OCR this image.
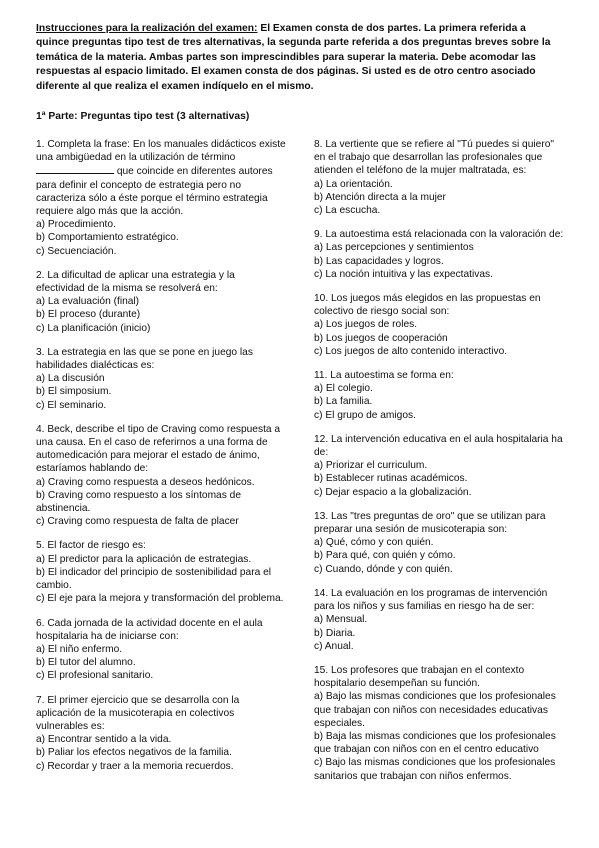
Instrucciones para la realización del examen: El Examen consta de dos partes. La primera referida a quince preguntas tipo test de tres alternativas, la segunda parte referida a dos preguntas breves sobre la temática de la materia. Ambas partes son imprescindibles para superar la materia. Debe acomodar las respuestas al espacio limitado. El examen consta de dos páginas. Si usted es de otro centro asociado diferente al que realiza el examen indíquelo en el mismo.
1ª Parte: Preguntas tipo test (3 alternativas)

1. Completa la frase: En los manuales didácticos existe una ambigüedad en la utilización de término
que coincide en diferentes autores para definir el concepto de estrategia pero no caracteriza sólo a éste porque el término estrategia requiere algo más que la acción.

a) Procedimiento.

b) Comportamiento estratégico.

c) Secuenciación.

2. La dificultad de aplicar una estrategia y la efectividad de la misma se resolverá en:

a) La evaluación (final)

b) El proceso (durante)

c) La planificación (inicio)

3. La estrategia en las que se pone en juego las habilidades dialécticas es:

a) La discusión

b) El simposium.

c) El seminario.

4. Beck, describe el tipo de Craving como respuesta a una causa. En el caso de referirnos a una forma de automedicación para mejorar el estado de ánimo, estaríamos hablando de:

a) Craving como respuesta a deseos hedónicos.

b) Craving como respuesto a los síntomas de abstinencia.

c) Craving como respuesta de falta de placer

5. El factor de riesgo es:

a) El predictor para la aplicación de estrategias.

b) El indicador del principio de sostenibilidad para el cambio.

c) El eje para la mejora y transformación del problema.

6. Cada jornada de la actividad docente en el aula hospitalaria ha de iniciarse con:

a) El niño enfermo.

b) El tutor del alumno.

c) El profesional sanitario.

7. El primer ejercicio que se desarrolla con la aplicación de la musicoterapia en colectivos vulnerables es:

a) Encontrar sentido a la vida.

b) Paliar los efectos negativos de la familia.

c) Recordar y traer a la memoria recuerdos.

8. La vertiente que se refiere al "Tú puedes si quiero" en el trabajo que desarrollan las profesionales que atienden el teléfono de la mujer maltratada, es:

a) La orientación.

b) Atención directa a la mujer

c) La escucha.

9. La autoestima está relacionada con la valoración de:

a) Las percepciones y sentimientos

b) Las capacidades y logros.

c) La noción intuitiva y las expectativas.

10. Los juegos más elegidos en las propuestas en colectivo de riesgo social son:

a) Los juegos de roles.

b) Los juegos de cooperación

c) Los juegos de alto contenido interactivo.

11. La autoestima se forma en:

a) El colegio.

b) La familia.

c) El grupo de amigos.

12. La intervención educativa en el aula hospitalaria ha de:

a) Priorizar el curriculum.

b) Establecer rutinas académicos.

c) Dejar espacio a la globalización.

13. Las "tres preguntas de oro" que se utilizan para preparar una sesión de musicoterapia son:

a) Qué, cómo y con quién.

b) Para qué, con quién y cómo.

c) Cuando, dónde y con quién.

14. La evaluación en los programas de intervención para los niños y sus familias en riesgo ha de ser:

a) Mensual.

b) Diaria.

c) Anual.

15. Los profesores que trabajan en el contexto hospitalario desempeñan su función.

a) Bajo las mismas condiciones que los profesionales que trabajan con niños con necesidades educativas especiales.

b) Baja las mismas condiciones que los profesionales que trabajan con niños con en el centro educativo

c) Bajo las mismas condiciones que los profesionales sanitarios que trabajan con niños enfermos.
